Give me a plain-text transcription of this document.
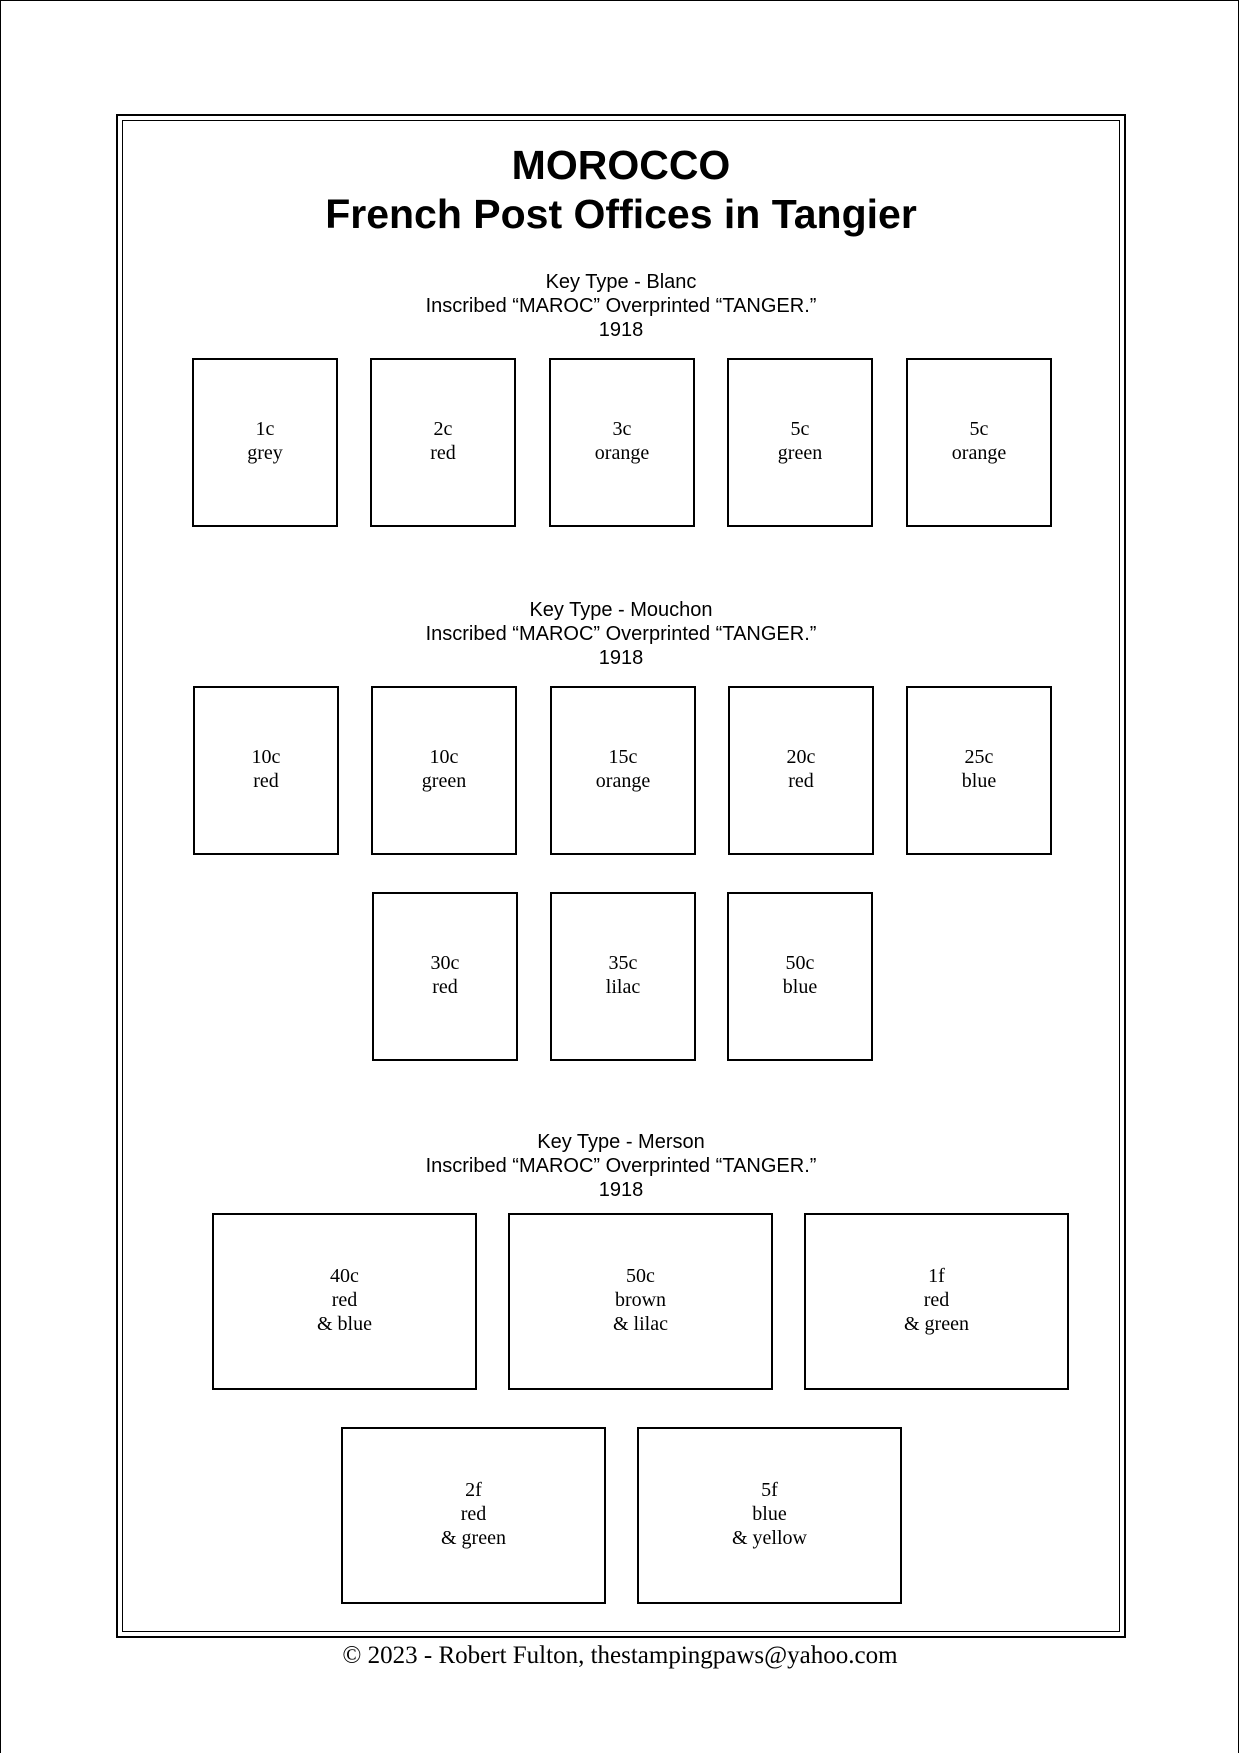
MOROCCO
French Post Offices in Tangier
Key Type - Blanc
Inscribed “MAROC” Overprinted “TANGER.”
1918
1c
grey
2c
red
3c
orange
5c
green
5c
orange
Key Type - Mouchon
Inscribed “MAROC” Overprinted “TANGER.”
1918
10c
red
10c
green
15c
orange
20c
red
25c
blue
30c
red
35c
lilac
50c
blue
Key Type - Merson
Inscribed “MAROC” Overprinted “TANGER.”
1918
40c
red
& blue
50c
brown
& lilac
1f
red
& green
2f
red
& green
5f
blue
& yellow
© 2023 - Robert Fulton, thestampingpaws@yahoo.com
